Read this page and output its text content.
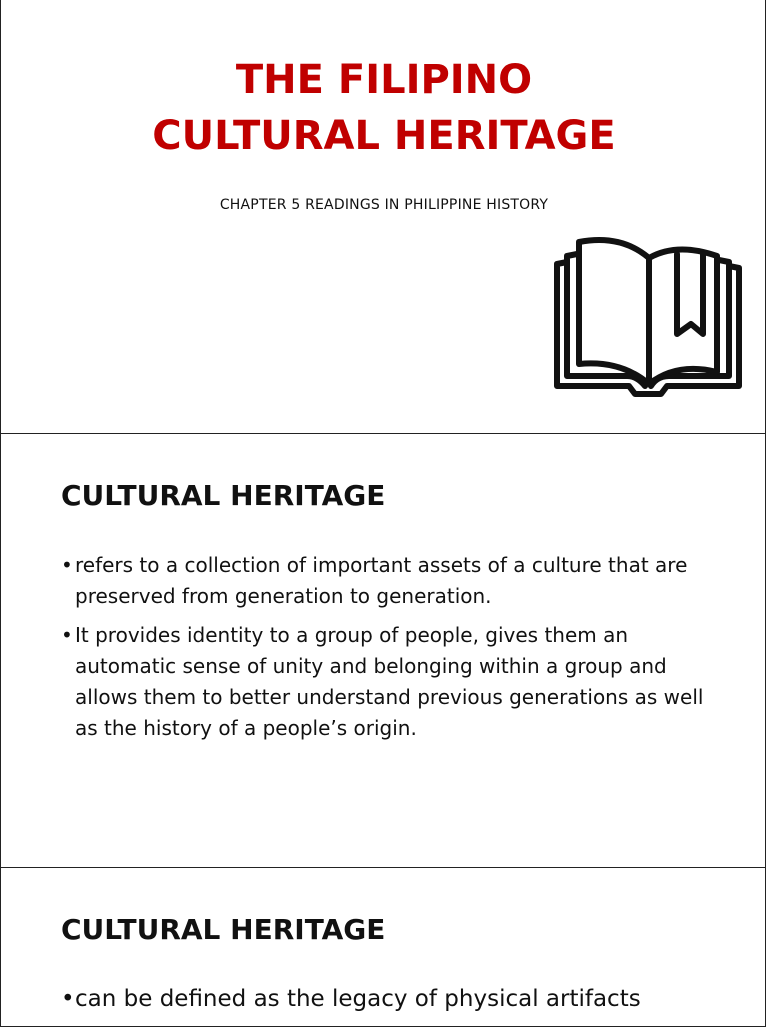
THE FILIPINO
CULTURAL HERITAGE

CHAPTER 5 READINGS IN PHILIPPINE HISTORY

CULTURAL HERITAGE
• refers to a collection of important assets of a culture that are preserved from generation to generation.
• It provides identity to a group of people, gives them an automatic sense of unity and belonging within a group and allows them to better understand previous generations as well as the history of a people’s origin.
CULTURAL HERITAGE
• can be defined as the legacy of physical artifacts
